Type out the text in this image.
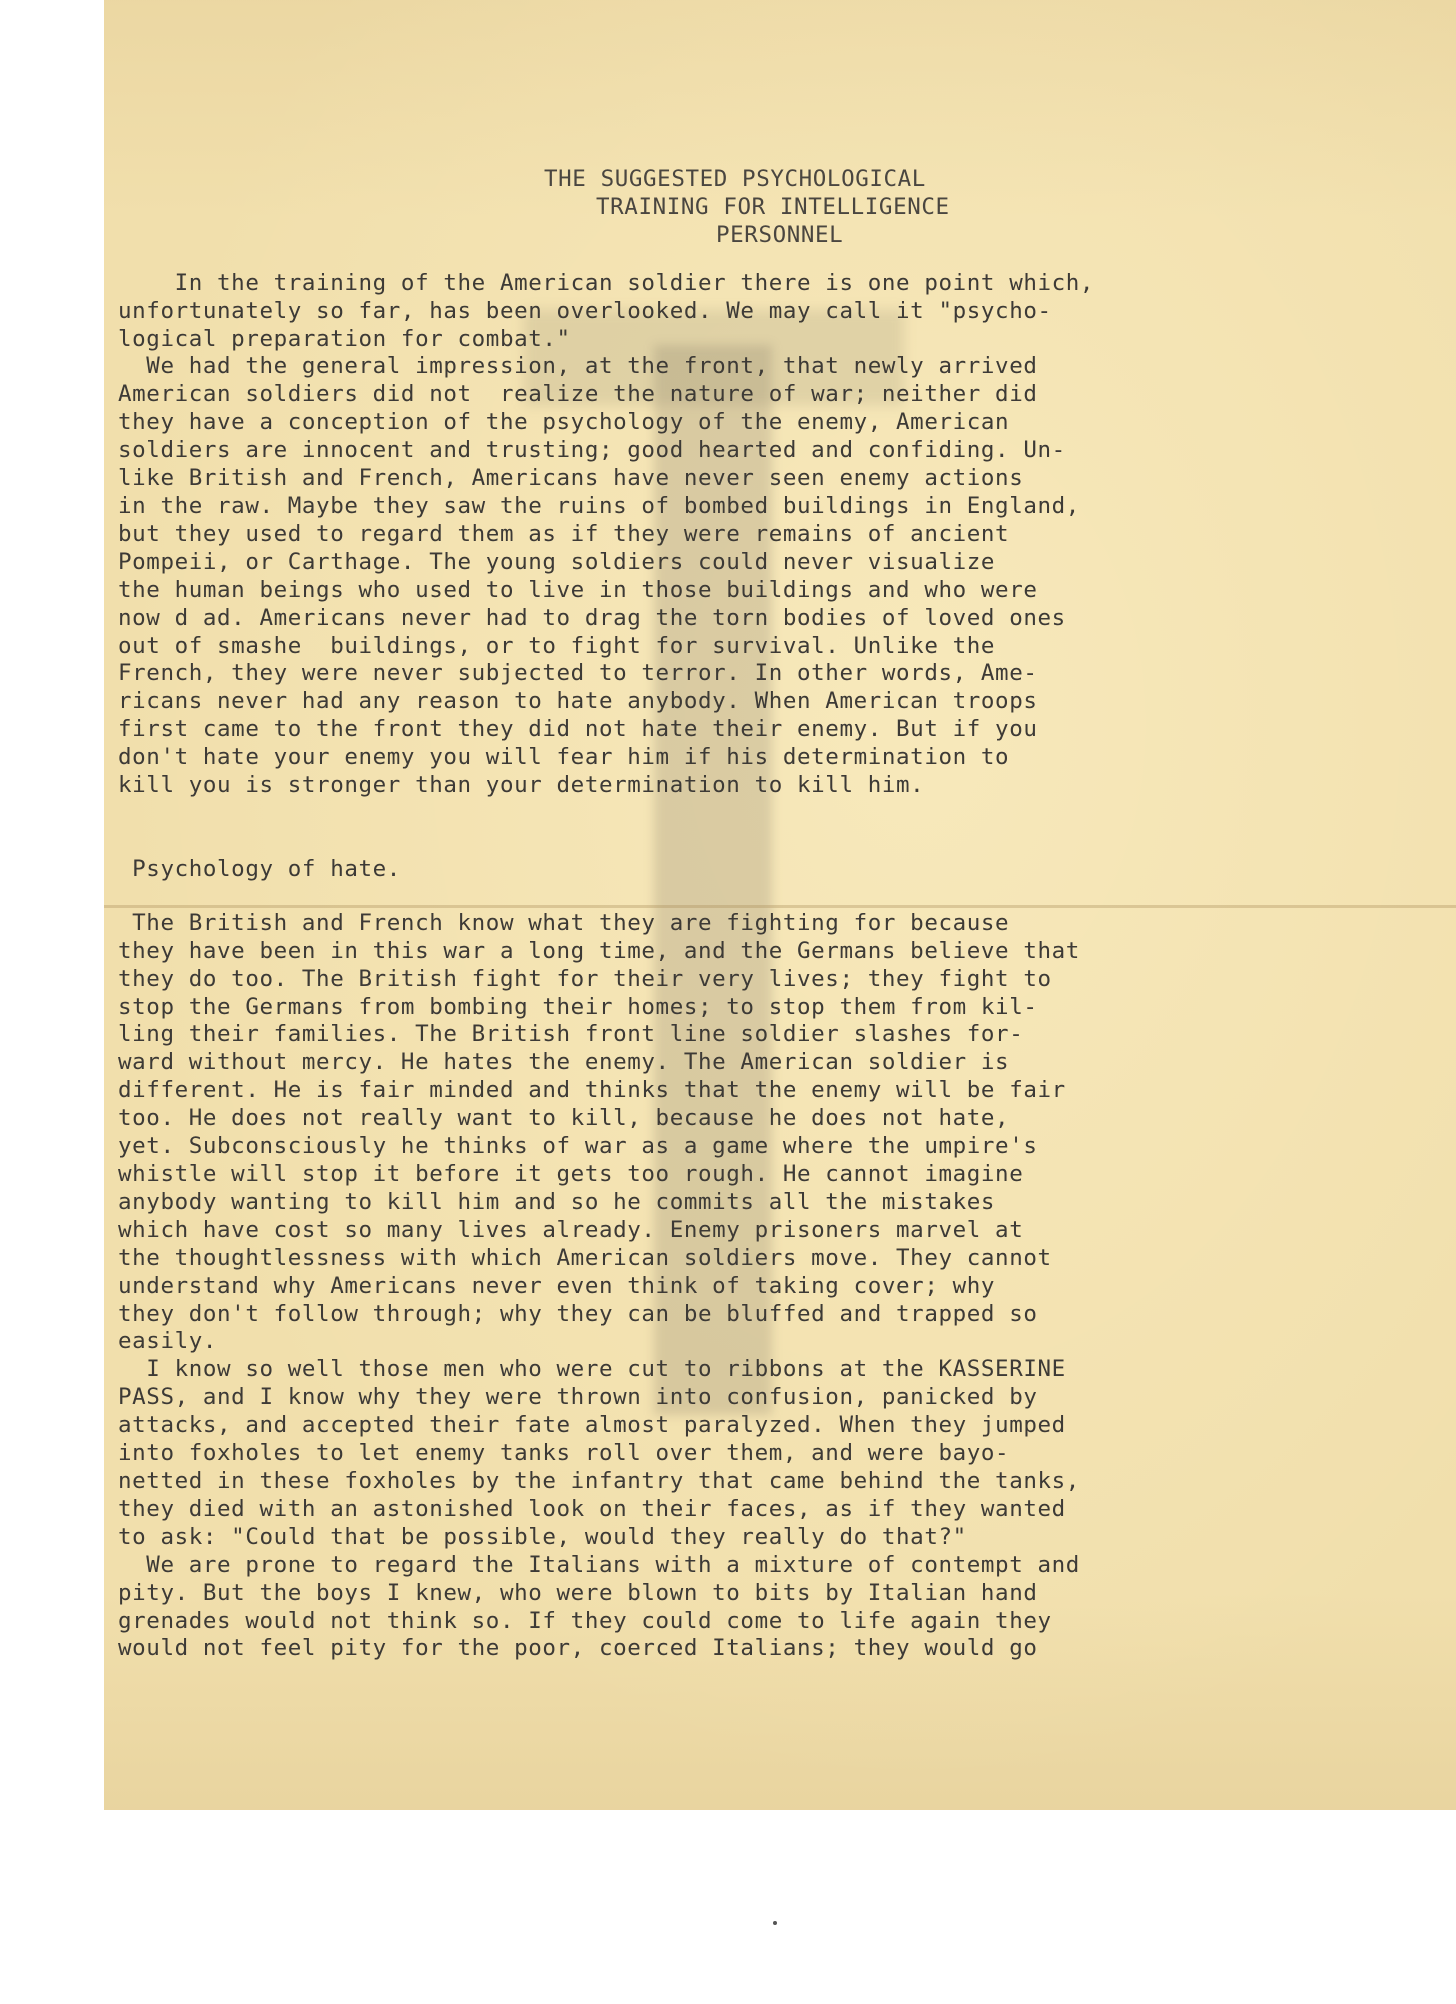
THE SUGGESTED PSYCHOLOGICAL

TRAINING FOR INTELLIGENCE

PERSONNEL

In the training of the American soldier there is one point which,

unfortunately so far, has been overlooked. We may call it "psycho-

logical preparation for combat."

We had the general impression, at the front, that newly arrived

American soldiers did not  realize the nature of war; neither did

they have a conception of the psychology of the enemy, American

soldiers are innocent and trusting; good hearted and confiding. Un-

like British and French, Americans have never seen enemy actions

in the raw. Maybe they saw the ruins of bombed buildings in England,

but they used to regard them as if they were remains of ancient

Pompeii, or Carthage. The young soldiers could never visualize

the human beings who used to live in those buildings and who were

now d ad. Americans never had to drag the torn bodies of loved ones

out of smashe  buildings, or to fight for survival. Unlike the

French, they were never subjected to terror. In other words, Ame-

ricans never had any reason to hate anybody. When American troops

first came to the front they did not hate their enemy. But if you

don't hate your enemy you will fear him if his determination to

kill you is stronger than your determination to kill him.

Psychology of hate.

The British and French know what they are fighting for because

they have been in this war a long time, and the Germans believe that

they do too. The British fight for their very lives; they fight to

stop the Germans from bombing their homes; to stop them from kil-

ling their families. The British front line soldier slashes for-

ward without mercy. He hates the enemy. The American soldier is

different. He is fair minded and thinks that the enemy will be fair

too. He does not really want to kill, because he does not hate,

yet. Subconsciously he thinks of war as a game where the umpire's

whistle will stop it before it gets too rough. He cannot imagine

anybody wanting to kill him and so he commits all the mistakes

which have cost so many lives already. Enemy prisoners marvel at

the thoughtlessness with which American soldiers move. They cannot

understand why Americans never even think of taking cover; why

they don't follow through; why they can be bluffed and trapped so

easily.

I know so well those men who were cut to ribbons at the KASSERINE

PASS, and I know why they were thrown into confusion, panicked by

attacks, and accepted their fate almost paralyzed. When they jumped

into foxholes to let enemy tanks roll over them, and were bayo-

netted in these foxholes by the infantry that came behind the tanks,

they died with an astonished look on their faces, as if they wanted

to ask: "Could that be possible, would they really do that?"

We are prone to regard the Italians with a mixture of contempt and

pity. But the boys I knew, who were blown to bits by Italian hand

grenades would not think so. If they could come to life again they

would not feel pity for the poor, coerced Italians; they would go
